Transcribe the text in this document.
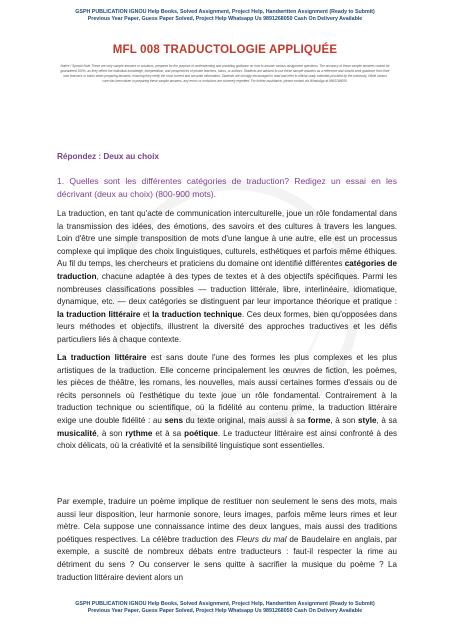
GSPH PUBLICATION IGNOU Help Books, Solved Assignment, Project Help, Handwritten Assignment (Ready to Submit)
Previous Year Paper, Guess Paper Solved, Project Help Whatsapp Us 9891268050 Cash On Delivery Available
MFL 008 TRADUCTOLOGIE APPLIQUÉE
Notice / Special Note-These are only sample answers or solutions, prepared for the purpose of understanding and providing guidance on how to answer various assignment questions. The accuracy of these sample answers cannot be guaranteed 100%, as they reflect the individual knowledge, interpretation, and perspectives of private teachers, tutors, or authors. Students are advised to use these sample answers as a reference and should seek guidance from their own teachers or tutors when preparing answers, ensuring they verify the most current and accurate information. Students are strongly encouraged to read and refer to official study materials provided by the university. While utmost care has been taken in preparing these sample answers, any errors or omissions are sincerely regretted. For further assistance, please contact via WhatsApp at 9891268050.
Répondez : Deux au choix
1. Quelles sont les différentes catégories de traduction? Redigez un essai en les décrivant (deux au choix) (800-900 mots).
La traduction, en tant qu'acte de communication interculturelle, joue un rôle fondamental dans la transmission des idées, des émotions, des savoirs et des cultures à travers les langues. Loin d'être une simple transposition de mots d'une langue à une autre, elle est un processus complexe qui implique des choix linguistiques, culturels, esthétiques et parfois même éthiques. Au fil du temps, les chercheurs et praticiens du domaine ont identifié différentes catégories de traduction, chacune adaptée à des types de textes et à des objectifs spécifiques. Parmi les nombreuses classifications possibles — traduction littérale, libre, interlinéaire, idiomatique, dynamique, etc. — deux catégories se distinguent par leur importance théorique et pratique : la traduction littéraire et la traduction technique. Ces deux formes, bien qu'opposées dans leurs méthodes et objectifs, illustrent la diversité des approches traductives et les défis particuliers liés à chaque contexte.
La traduction littéraire est sans doute l'une des formes les plus complexes et les plus artistiques de la traduction. Elle concerne principalement les œuvres de fiction, les poèmes, les pièces de théâtre, les romans, les nouvelles, mais aussi certaines formes d'essais ou de récits personnels où l'esthétique du texte joue un rôle fondamental. Contrairement à la traduction technique ou scientifique, où la fidélité au contenu prime, la traduction littéraire exige une double fidélité : au sens du texte original, mais aussi à sa forme, à son style, à sa musicalité, à son rythme et à sa poétique. Le traducteur littéraire est ainsi confronté à des choix délicats, où la créativité et la sensibilité linguistique sont essentielles.
Par exemple, traduire un poème implique de restituer non seulement le sens des mots, mais aussi leur disposition, leur harmonie sonore, leurs images, parfois même leurs rimes et leur mètre. Cela suppose une connaissance intime des deux langues, mais aussi des traditions poétiques respectives. La célèbre traduction des Fleurs du mal de Baudelaire en anglais, par exemple, a suscité de nombreux débats entre traducteurs : faut-il respecter la rime au détriment du sens ? Ou conserver le sens quitte à sacrifier la musique du poème ? La traduction littéraire devient alors un
GSPH PUBLICATION IGNOU Help Books, Solved Assignment, Project Help, Handwritten Assignment (Ready to Submit)
Previous Year Paper, Guess Paper Solved, Project Help Whatsapp Us 9891268050 Cash On Delivery Available
